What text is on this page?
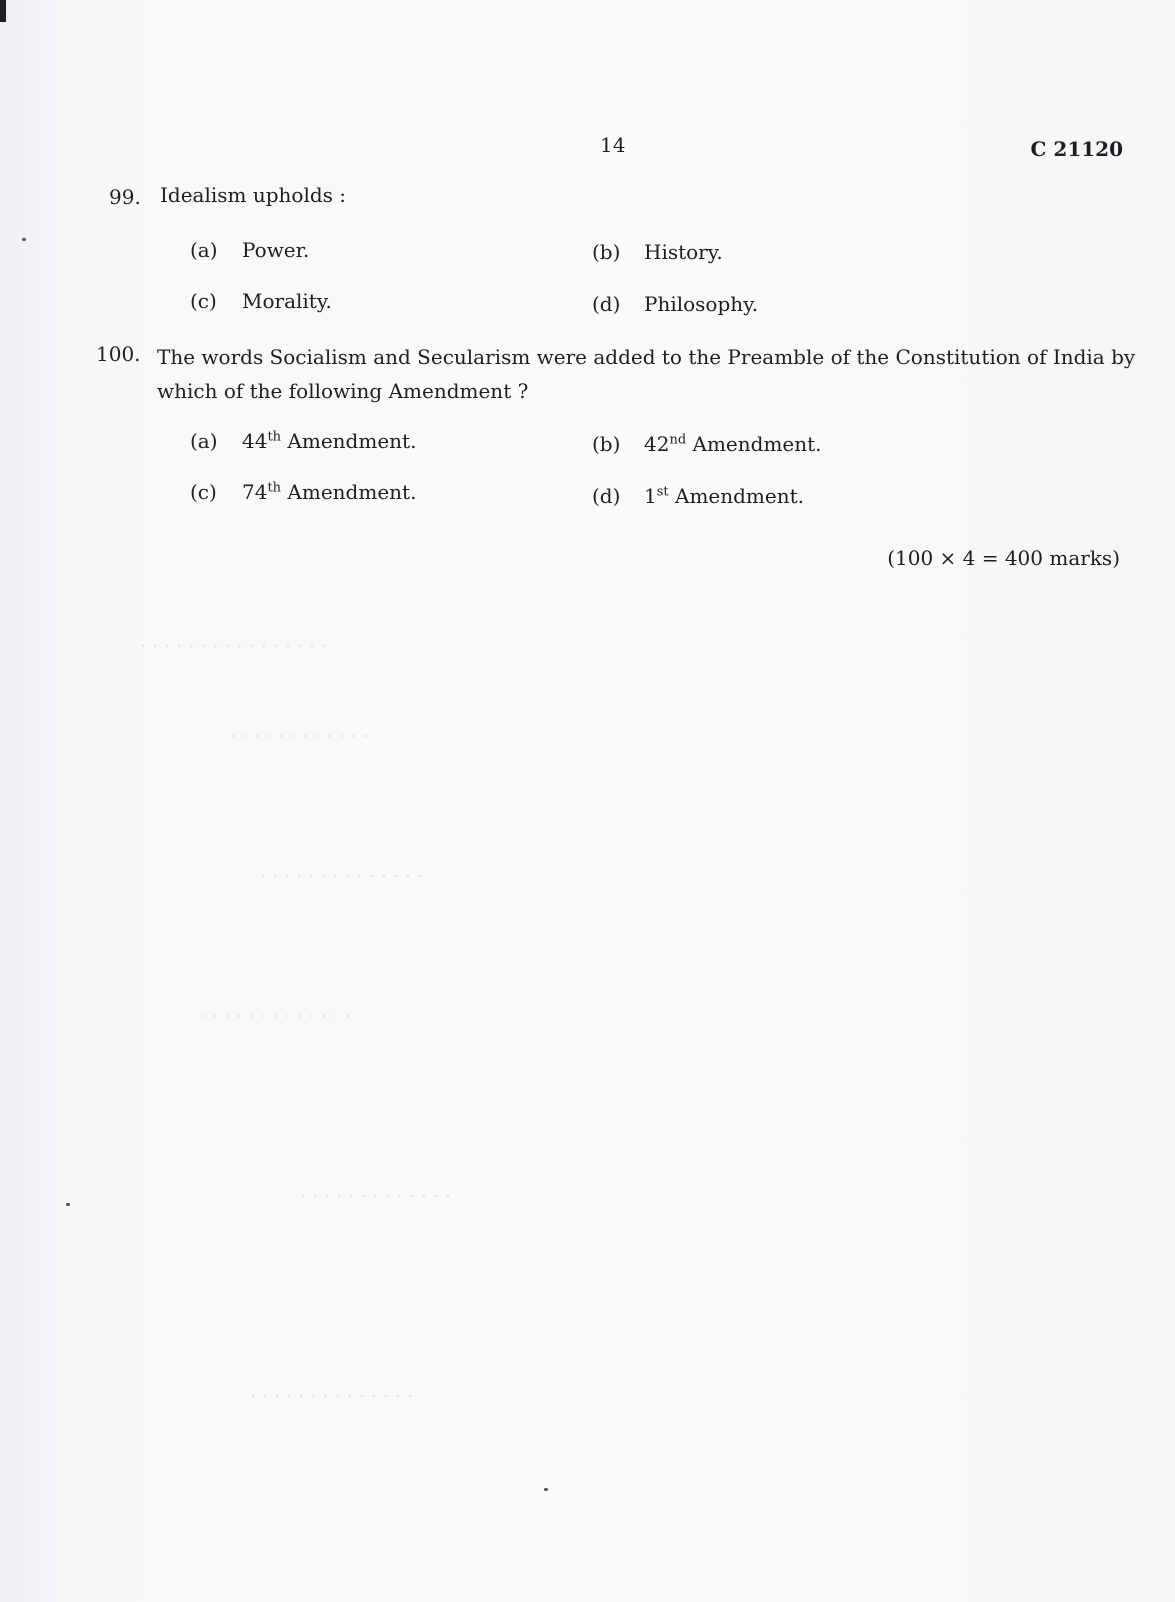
. . . . . . . . . . . . . . . .
. . . . . . . . . . . .
. . . . . . . . . . . . . .
. . . . . . . . . . . . . .
. . . . . . . . . . . . .
. . . . . . . . . . . . . .
14	C 21120
99. Idealism upholds :
(a) Power.	(b) History.
(c) Morality.	(d) Philosophy.
100. The words Socialism and Secularism were added to the Preamble of the Constitution of India by
which of the following Amendment ?
(a) 44th Amendment.	(b) 42nd Amendment.
(c) 74th Amendment.	(d) 1st Amendment.
(100 × 4 = 400 marks)
